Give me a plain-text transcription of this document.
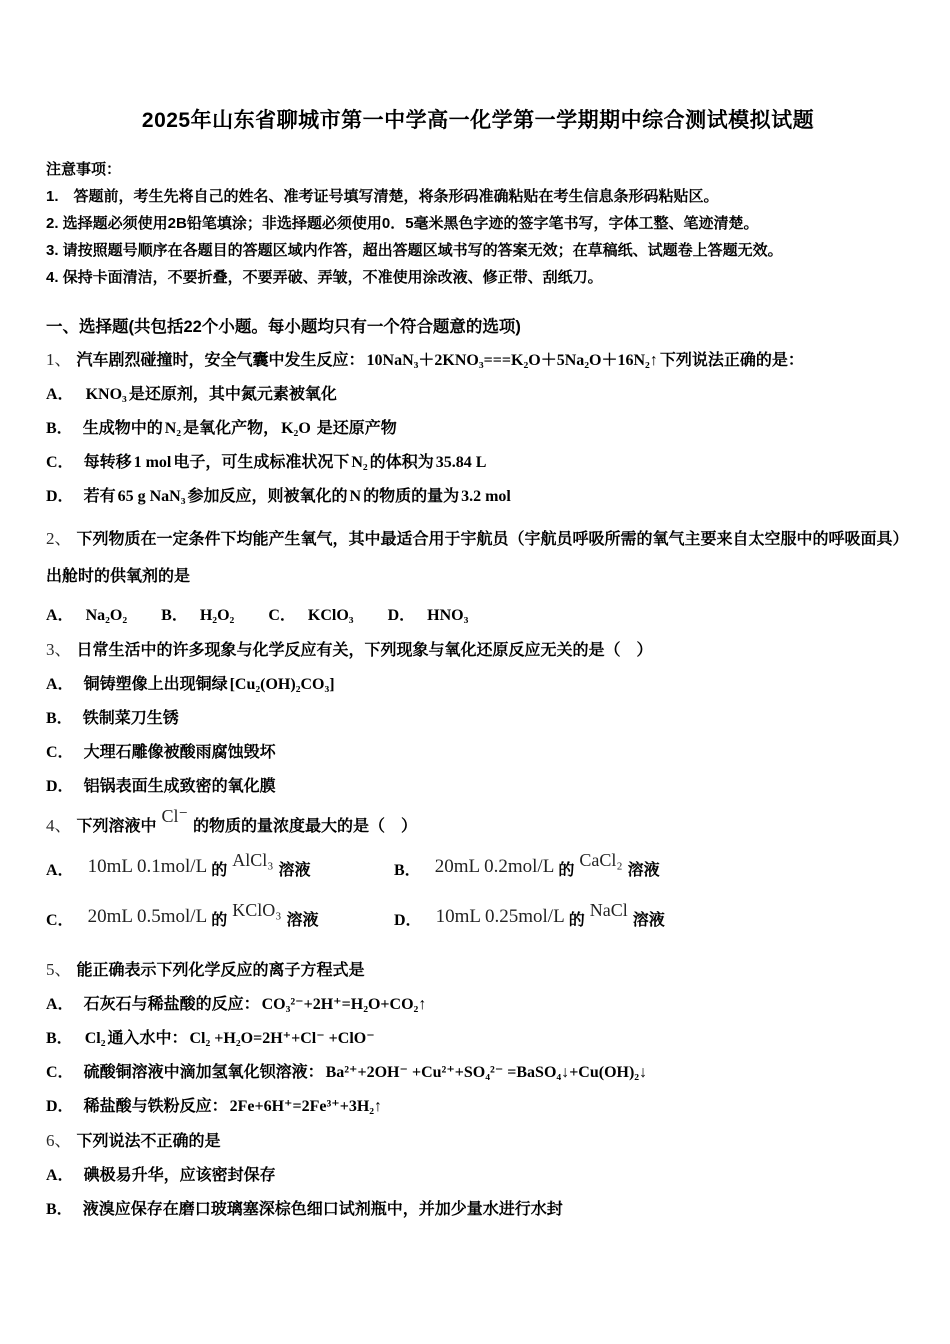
2025年山东省聊城市第一中学高一化学第一学期期中综合测试模拟试题
注意事项：
1.　答题前，考生先将自己的姓名、准考证号填写清楚，将条形码准确粘贴在考生信息条形码粘贴区。
2. 选择题必须使用2B铅笔填涂；非选择题必须使用0．5毫米黑色字迹的签字笔书写，字体工整、笔迹清楚。
3. 请按照题号顺序在各题目的答题区域内作答，超出答题区域书写的答案无效；在草稿纸、试题卷上答题无效。
4. 保持卡面清洁，不要折叠，不要弄破、弄皱，不准使用涂改液、修正带、刮纸刀。
一、选择题(共包括22个小题。每小题均只有一个符合题意的选项)
1、 汽车剧烈碰撞时，安全气囊中发生反应： 10NaN₃＋2KNO₃===K₂O＋5Na₂O＋16N₂↑ 下列说法正确的是：
A． KNO₃ 是还原剂，其中氮元素被氧化
B． 生成物中的 N₂ 是氧化产物， K₂O 是还原产物
C． 每转移 1 mol 电子，可生成标准状况下 N₂ 的体积为 35.84 L
D． 若有 65 g NaN₃ 参加反应，则被氧化的 N 的物质的量为 3.2 mol
2、 下列物质在一定条件下均能产生氧气，其中最适合用于宇航员（宇航员呼吸所需的氧气主要来自太空服中的呼吸面具）出舱时的供氧剂的是
A． Na₂O₂ B． H₂O₂ C． KClO₃ D． HNO₃
3、 日常生活中的许多现象与化学反应有关，下列现象与氧化还原反应无关的是（　）
A． 铜铸塑像上出现铜绿 [Cu₂(OH)₂CO₃]
B． 铁制菜刀生锈
C． 大理石雕像被酸雨腐蚀毁坏
D． 铝锅表面生成致密的氧化膜
4、 下列溶液中Cl⁻的物质的量浓度最大的是（　）
A． 10mL 0.1mol/L 的AlCl₃溶液	B． 20mL 0.2mol/L 的CaCl₂溶液
C． 20mL 0.5mol/L 的KClO₃溶液	D． 10mL 0.25mol/L 的NaCl溶液
5、 能正确表示下列化学反应的离子方程式是
A． 石灰石与稀盐酸的反应： CO₃²⁻+2H⁺=H₂O+CO₂↑
B． Cl₂ 通入水中： Cl₂ +H₂O=2H⁺+Cl⁻ +ClO⁻
C． 硫酸铜溶液中滴加氢氧化钡溶液： Ba²⁺+2OH⁻ +Cu²⁺+SO₄²⁻ =BaSO₄↓+Cu(OH)₂↓
D． 稀盐酸与铁粉反应： 2Fe+6H⁺=2Fe³⁺+3H₂↑
6、 下列说法不正确的是
A． 碘极易升华，应该密封保存
B． 液溴应保存在磨口玻璃塞深棕色细口试剂瓶中，并加少量水进行水封
